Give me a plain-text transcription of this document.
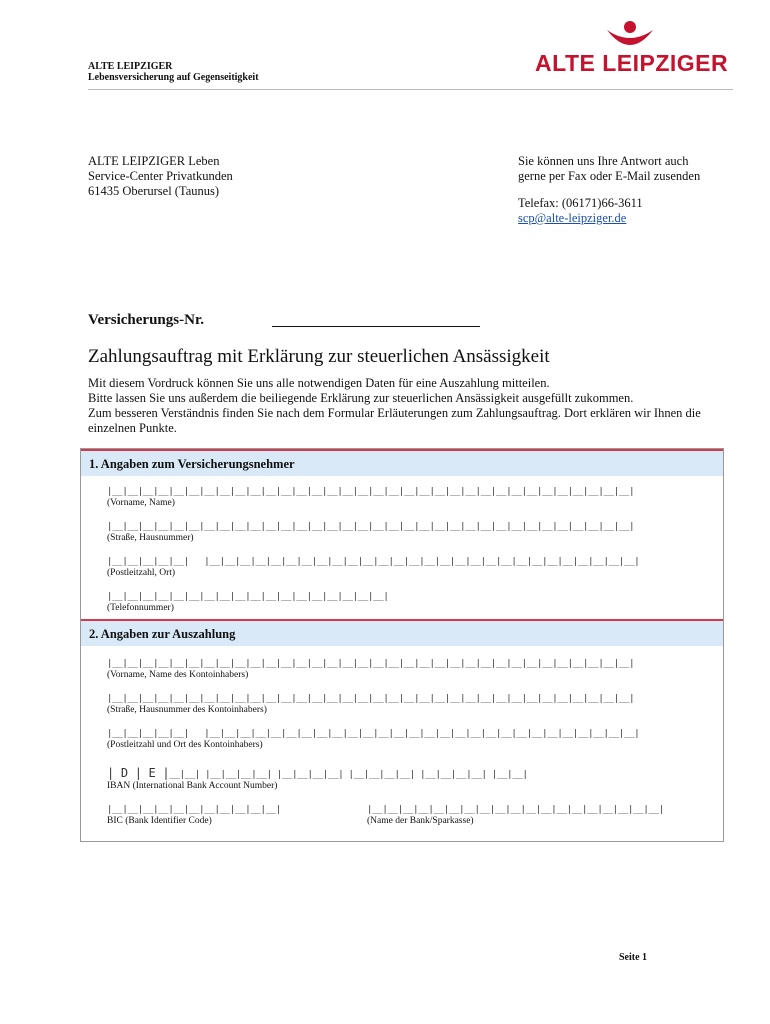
ALTE LEIPZIGER
Lebensversicherung auf Gegenseitigkeit
ALTE LEIPZIGER
ALTE LEIPZIGER Leben
Service-Center Privatkunden
61435 Oberursel (Taunus)
Sie können uns Ihre Antwort auch
gerne per Fax oder E-Mail zusenden
Telefax: (06171)66-3611
scp@alte-leipziger.de
Versicherungs-Nr.
Zahlungsauftrag mit Erklärung zur steuerlichen Ansässigkeit
Mit diesem Vordruck können Sie uns alle notwendigen Daten für eine Auszahlung mitteilen.
Bitte lassen Sie uns außerdem die beiliegende Erklärung zur steuerlichen Ansässigkeit ausgefüllt zukommen.
Zum besseren Verständnis finden Sie nach dem Formular Erläuterungen zum Zahlungsauftrag. Dort erklären wir Ihnen die einzelnen Punkte.
1. Angaben zum Versicherungsnehmer
|__|__|__|__|__|__|__|__|__|__|__|__|__|__|__|__|__|__|__|__|__|__|__|__|__|__|__|__|__|__|__|__|__|__|
(Vorname, Name)
|__|__|__|__|__|__|__|__|__|__|__|__|__|__|__|__|__|__|__|__|__|__|__|__|__|__|__|__|__|__|__|__|__|__|
(Straße, Hausnummer)
|__|__|__|__|__|   |__|__|__|__|__|__|__|__|__|__|__|__|__|__|__|__|__|__|__|__|__|__|__|__|__|__|__|__|
(Postleitzahl, Ort)
|__|__|__|__|__|__|__|__|__|__|__|__|__|__|__|__|__|__|
(Telefonnummer)
2. Angaben zur Auszahlung
|__|__|__|__|__|__|__|__|__|__|__|__|__|__|__|__|__|__|__|__|__|__|__|__|__|__|__|__|__|__|__|__|__|__|
(Vorname, Name des Kontoinhabers)
|__|__|__|__|__|__|__|__|__|__|__|__|__|__|__|__|__|__|__|__|__|__|__|__|__|__|__|__|__|__|__|__|__|__|
(Straße, Hausnummer des Kontoinhabers)
|__|__|__|__|__|   |__|__|__|__|__|__|__|__|__|__|__|__|__|__|__|__|__|__|__|__|__|__|__|__|__|__|__|__|
(Postleitzahl und Ort des Kontoinhabers)
| D | E |__|__| |__|__|__|__| |__|__|__|__| |__|__|__|__| |__|__|__|__| |__|__|
IBAN (International Bank Account Number)
|__|__|__|__|__|__|__|__|__|__|__|
BIC (Bank Identifier Code)
|__|__|__|__|__|__|__|__|__|__|__|__|__|__|__|__|__|__|__|
(Name der Bank/Sparkasse)
Seite 1
